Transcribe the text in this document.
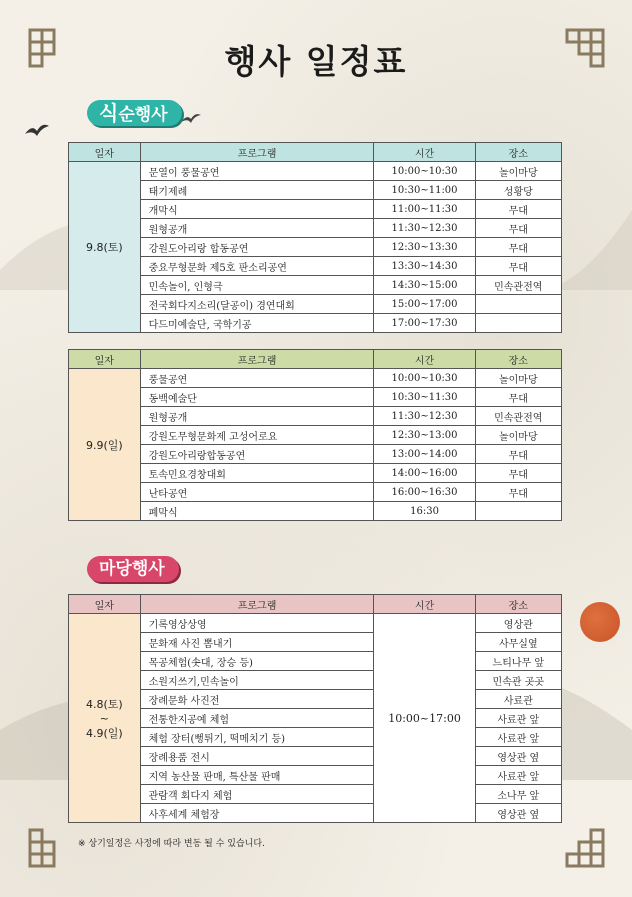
행사 일정표
식순행사
일자	프로그램	시간	장소
9.8(토)	문열이 풍물공연	10:00~10:30	놀이마당
	태기제례	10:30~11:00	성황당
	개막식	11:00~11:30	무대
	원형공개	11:30~12:30	무대
	강원도아리랑 합동공연	12:30~13:30	무대
	중요무형문화 제5호 판소리공연	13:30~14:30	무대
	민속놀이, 인형극	14:30~15:00	민속관전역
	전국회다지소리(달공이) 경연대회	15:00~17:00	
	다드미예술단, 국학기공	17:00~17:30	
일자	프로그램	시간	장소
9.9(일)	풍물공연	10:00~10:30	놀이마당
	동백예술단	10:30~11:30	무대
	원형공개	11:30~12:30	민속관전역
	강원도무형문화제 고성어로요	12:30~13:00	놀이마당
	강원도아리랑합동공연	13:00~14:00	무대
	토속민요경창대회	14:00~16:00	무대
	난타공연	16:00~16:30	무대
	폐막식	16:30	
마당행사
일자	프로그램	시간	장소

4.8(토)
~
4.9(일)	기록영상상영	10:00~17:00	영상관
	문화재 사진 뽐내기		사무실옆
	목공체험(솟대, 장승 등)		느티나무 앞
	소원지쓰기,민속놀이		민속관 곳곳
	장례문화 사진전		사료관
	전통한지공예 체험		사료관 앞
	체험 장터(뻥튀기, 떡메치기 등)		사료관 앞
	장례용품 전시		영상관 옆
	지역 농산물 판매, 특산물 판매		사료관 앞
	관람객 회다지 체험		소나무 앞
	사후세계 체험장		영상관 옆
※ 상기일정은 사정에 따라 변동 될 수 있습니다.
